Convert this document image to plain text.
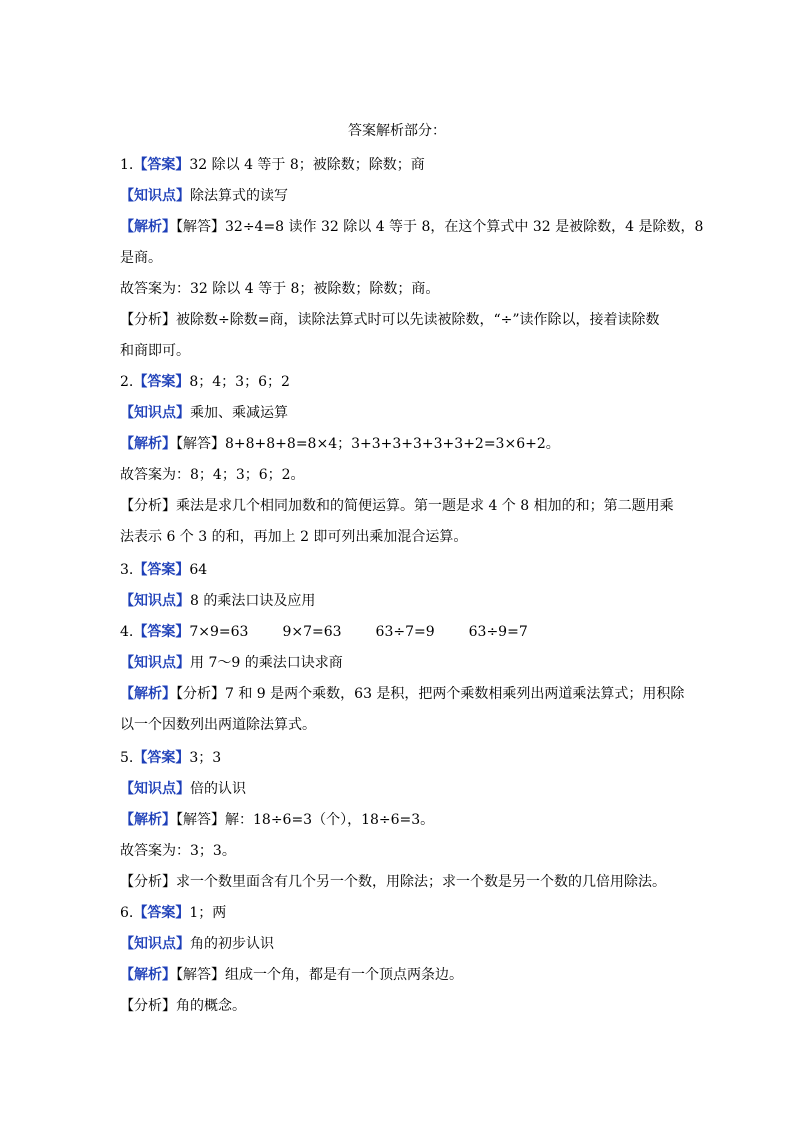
答案解析部分：
1.【答案】32 除以 4 等于 8；被除数；除数；商
【知识点】除法算式的读写
【解析】【解答】32÷4=8 读作 32 除以 4 等于 8，在这个算式中 32 是被除数，4 是除数，8
是商。
故答案为：32 除以 4 等于 8；被除数；除数；商。
【分析】被除数÷除数=商，读除法算式时可以先读被除数，“÷”读作除以，接着读除数
和商即可。
2.【答案】8；4；3；6；2
【知识点】乘加、乘减运算
【解析】【解答】8+8+8+8=8×4；3+3+3+3+3+3+2=3×6+2。
故答案为：8；4；3；6；2。
【分析】乘法是求几个相同加数和的简便运算。第一题是求 4 个 8 相加的和；第二题用乘
法表示 6 个 3 的和，再加上 2 即可列出乘加混合运算。
3.【答案】64
【知识点】8 的乘法口诀及应用
4.【答案】7×9=63 9×7=63 63÷7=9 63÷9=7
【知识点】用 7～9 的乘法口诀求商
【解析】【分析】7 和 9 是两个乘数，63 是积，把两个乘数相乘列出两道乘法算式；用积除
以一个因数列出两道除法算式。
5.【答案】3；3
【知识点】倍的认识
【解析】【解答】解：18÷6=3（个），18÷6=3。
故答案为：3；3。
【分析】求一个数里面含有几个另一个数，用除法；求一个数是另一个数的几倍用除法。
6.【答案】1；两
【知识点】角的初步认识
【解析】【解答】组成一个角，都是有一个顶点两条边。
【分析】角的概念。
